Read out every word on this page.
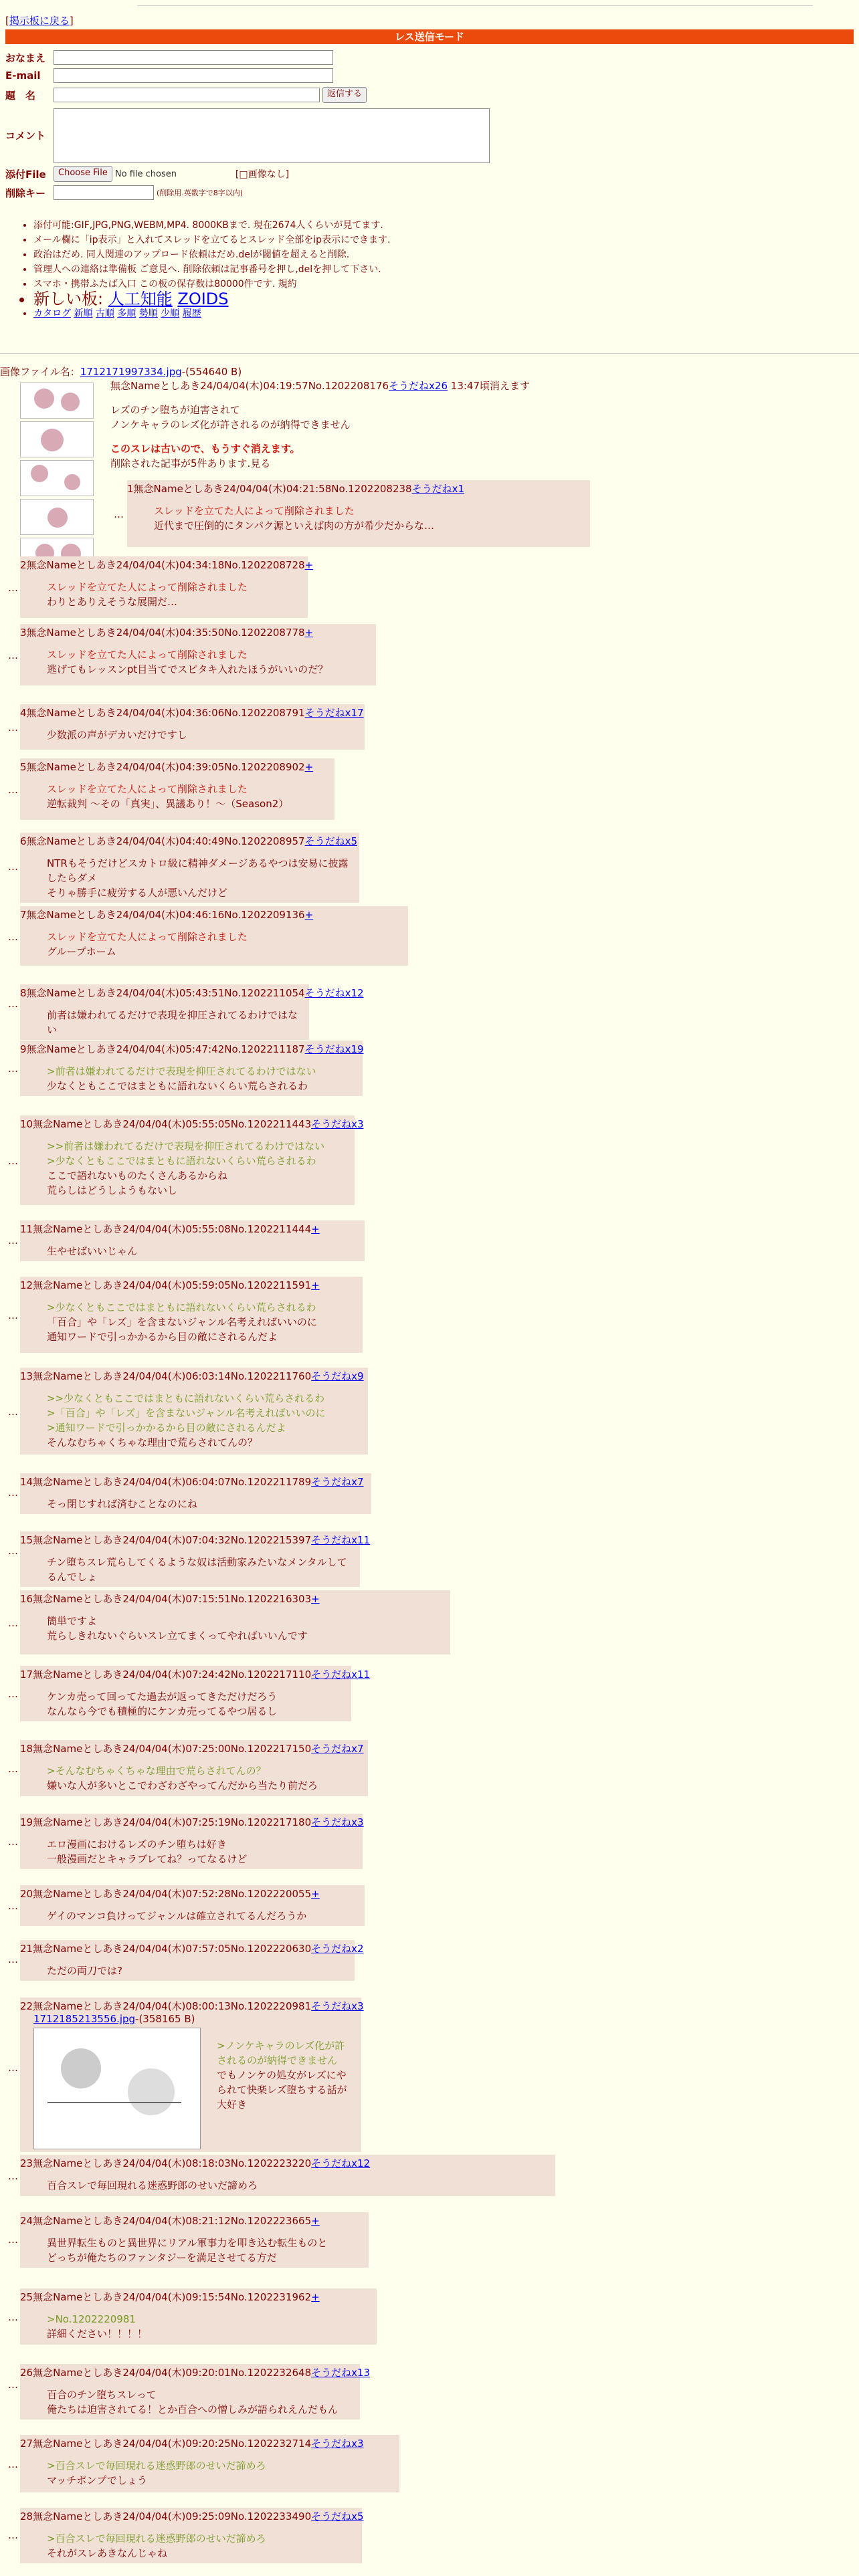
[掲示板に戻る]
レス送信モード
おなまえ
E-mail
題　名	返信する
コメント
添付File	Choose File No file chosen	[□画像なし]
削除キー	(削除用.英数字で8字以内)
• 添付可能:GIF,JPG,PNG,WEBM,MP4. 8000KBまで. 現在2674人くらいが見てます.
• メール欄に「ip表示」と入れてスレッドを立てるとスレッド全部をip表示にできます.
• 政治はだめ. 同人関連のアップロード依頼はだめ.delが閾値を超えると削除.
• 管理人への連絡は準備板 ご意見へ. 削除依頼は記事番号を押し,delを押して下さい.
• スマホ・携帯ふたば入口 この板の保存数は80000件です. 規約
• 新しい板: 人工知能 ZOIDS
• カタログ 新順 古順 多順 勢順 少順 履歴
画像ファイル名：1712171997334.jpg-(554640 B)
無念Nameとしあき24/04/04(木)04:19:57No.1202208176そうだねx26 13:47頃消えます
レズのチン堕ちが迫害されて
ノンケキャラのレズ化が許されるのが納得できません
このスレは古いので、もうすぐ消えます。
削除された記事が5件あります.見る
1無念Nameとしあき24/04/04(木)04:21:58No.1202208238そうだねx1
スレッドを立てた人によって削除されました
近代まで圧倒的にタンパク源といえば肉の方が希少だからな…
…
2無念Nameとしあき24/04/04(木)04:34:18No.1202208728+
スレッドを立てた人によって削除されました
わりとありえそうな展開だ…
…
3無念Nameとしあき24/04/04(木)04:35:50No.1202208778+
スレッドを立てた人によって削除されました
逃げてもレッスンpt目当てでスピタキ入れたほうがいいのだ？
…
4無念Nameとしあき24/04/04(木)04:36:06No.1202208791そうだねx17
少数派の声がデカいだけですし
…
5無念Nameとしあき24/04/04(木)04:39:05No.1202208902+
スレッドを立てた人によって削除されました
逆転裁判 〜その「真実」、異議あり！〜（Season2）
…
6無念Nameとしあき24/04/04(木)04:40:49No.1202208957そうだねx5
NTRもそうだけどスカトロ級に精神ダメージあるやつは安易に披露したらダメ
そりゃ勝手に疲労する人が悪いんだけど
…
7無念Nameとしあき24/04/04(木)04:46:16No.1202209136+
スレッドを立てた人によって削除されました
グループホーム
…
8無念Nameとしあき24/04/04(木)05:43:51No.1202211054そうだねx12
前者は嫌われてるだけで表現を抑圧されてるわけではない
…
9無念Nameとしあき24/04/04(木)05:47:42No.1202211187そうだねx19
>前者は嫌われてるだけで表現を抑圧されてるわけではない
少なくともここではまともに語れないくらい荒らされるわ
…
10無念Nameとしあき24/04/04(木)05:55:05No.1202211443そうだねx3
>>前者は嫌われてるだけで表現を抑圧されてるわけではない
>少なくともここではまともに語れないくらい荒らされるわ
ここで語れないものたくさんあるからね
荒らしはどうしようもないし
…
11無念Nameとしあき24/04/04(木)05:55:08No.1202211444+
生やせばいいじゃん
…
12無念Nameとしあき24/04/04(木)05:59:05No.1202211591+
>少なくともここではまともに語れないくらい荒らされるわ
「百合」や「レズ」を含まないジャンル名考えればいいのに
通知ワードで引っかかるから目の敵にされるんだよ
…
13無念Nameとしあき24/04/04(木)06:03:14No.1202211760そうだねx9
>>少なくともここではまともに語れないくらい荒らされるわ
>「百合」や「レズ」を含まないジャンル名考えればいいのに
>通知ワードで引っかかるから目の敵にされるんだよ
そんなむちゃくちゃな理由で荒らされてんの？
…
14無念Nameとしあき24/04/04(木)06:04:07No.1202211789そうだねx7
そっ閉じすれば済むことなのにね
…
15無念Nameとしあき24/04/04(木)07:04:32No.1202215397そうだねx11
チン堕ちスレ荒らしてくるような奴は活動家みたいなメンタルしてるんでしょ
…
16無念Nameとしあき24/04/04(木)07:15:51No.1202216303+
簡単ですよ
荒らしきれないぐらいスレ立てまくってやればいいんです
…
17無念Nameとしあき24/04/04(木)07:24:42No.1202217110そうだねx11
ケンカ売って回ってた過去が返ってきただけだろう
なんなら今でも積極的にケンカ売ってるやつ居るし
…
18無念Nameとしあき24/04/04(木)07:25:00No.1202217150そうだねx7
>そんなむちゃくちゃな理由で荒らされてんの？
嫌いな人が多いとこでわざわざやってんだから当たり前だろ
…
19無念Nameとしあき24/04/04(木)07:25:19No.1202217180そうだねx3
エロ漫画におけるレズのチン堕ちは好き
一般漫画だとキャラブレてね？ってなるけど
…
20無念Nameとしあき24/04/04(木)07:52:28No.1202220055+
ゲイのマンコ負けってジャンルは確立されてるんだろうか
…
21無念Nameとしあき24/04/04(木)07:57:05No.1202220630そうだねx2
ただの両刀では?
…
22無念Nameとしあき24/04/04(木)08:00:13No.1202220981そうだねx3
1712185213556.jpg-(358165 B)
>ノンケキャラのレズ化が許されるのが納得できません
でもノンケの処女がレズにやられて快楽レズ堕ちする話が大好き
…
23無念Nameとしあき24/04/04(木)08:18:03No.1202223220そうだねx12
百合スレで毎回現れる迷惑野郎のせいだ諦めろ
…
24無念Nameとしあき24/04/04(木)08:21:12No.1202223665+
異世界転生ものと異世界にリアル軍事力を叩き込む転生ものと
どっちが俺たちのファンタジーを満足させてる方だ
…
25無念Nameとしあき24/04/04(木)09:15:54No.1202231962+
>No.1202220981
詳細ください！！！！
…
26無念Nameとしあき24/04/04(木)09:20:01No.1202232648そうだねx13
百合のチン堕ちスレって
俺たちは迫害されてる！とか百合への憎しみが語られえんだもん
…
27無念Nameとしあき24/04/04(木)09:20:25No.1202232714そうだねx3
>百合スレで毎回現れる迷惑野郎のせいだ諦めろ
マッチポンプでしょう
…
28無念Nameとしあき24/04/04(木)09:25:09No.1202233490そうだねx5
>百合スレで毎回現れる迷惑野郎のせいだ諦めろ
それがスレあきなんじゃね
…
